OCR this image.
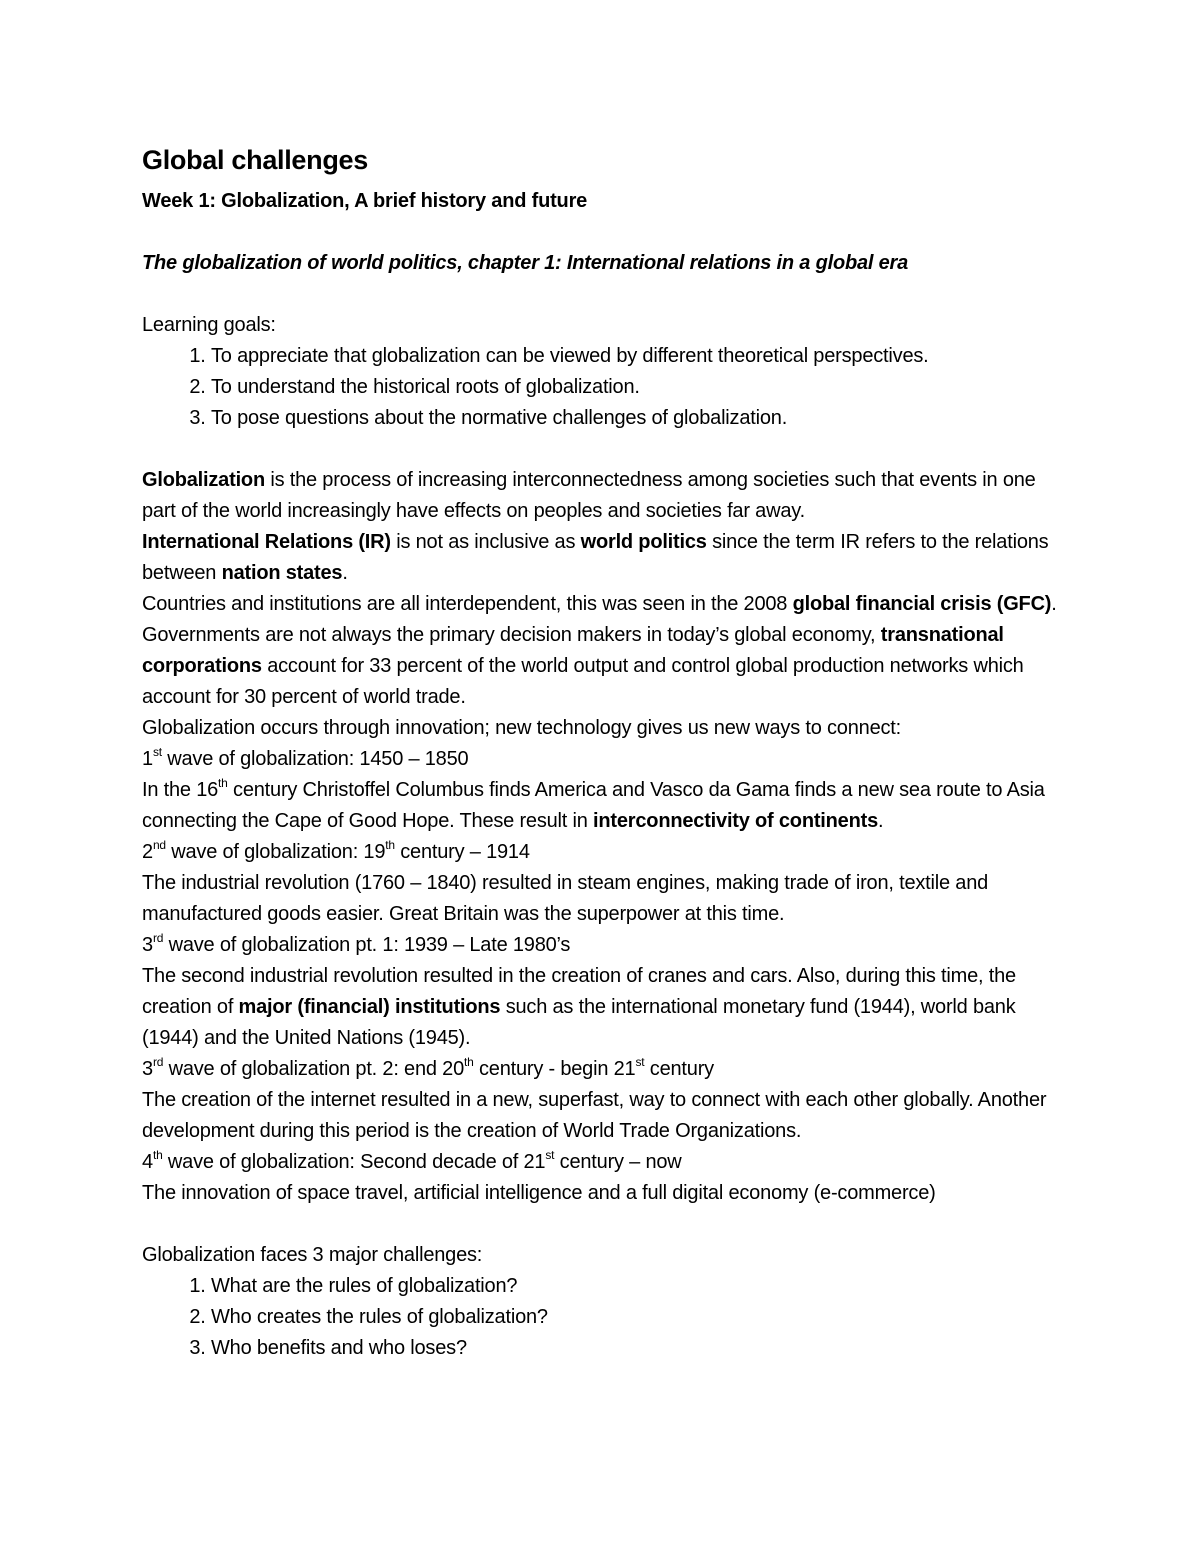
Global challenges

Week 1: Globalization, A brief history and future

The globalization of world politics, chapter 1: International relations in a global era

Learning goals:

1. To appreciate that globalization can be viewed by different theoretical perspectives.
2. To understand the historical roots of globalization.
3. To pose questions about the normative challenges of globalization.

Globalization is the process of increasing interconnectedness among societies such that events in one part of the world increasingly have effects on peoples and societies far away.

International Relations (IR) is not as inclusive as world politics since the term IR refers to the relations between nation states.

Countries and institutions are all interdependent, this was seen in the 2008 global financial crisis (GFC). Governments are not always the primary decision makers in today’s global economy, transnational corporations account for 33 percent of the world output and control global production networks which account for 30 percent of world trade.

Globalization occurs through innovation; new technology gives us new ways to connect:

1st wave of globalization: 1450 – 1850

In the 16th century Christoffel Columbus finds America and Vasco da Gama finds a new sea route to Asia connecting the Cape of Good Hope. These result in interconnectivity of continents.

2nd wave of globalization: 19th century – 1914

The industrial revolution (1760 – 1840) resulted in steam engines, making trade of iron, textile and manufactured goods easier. Great Britain was the superpower at this time.

3rd wave of globalization pt. 1: 1939 – Late 1980’s

The second industrial revolution resulted in the creation of cranes and cars. Also, during this time, the creation of major (financial) institutions such as the international monetary fund (1944), world bank (1944) and the United Nations (1945).

3rd wave of globalization pt. 2: end 20th century - begin 21st century

The creation of the internet resulted in a new, superfast, way to connect with each other globally. Another development during this period is the creation of World Trade Organizations.

4th wave of globalization: Second decade of 21st century – now

The innovation of space travel, artificial intelligence and a full digital economy (e-commerce)

Globalization faces 3 major challenges:

1. What are the rules of globalization?
2. Who creates the rules of globalization?
3. Who benefits and who loses?
